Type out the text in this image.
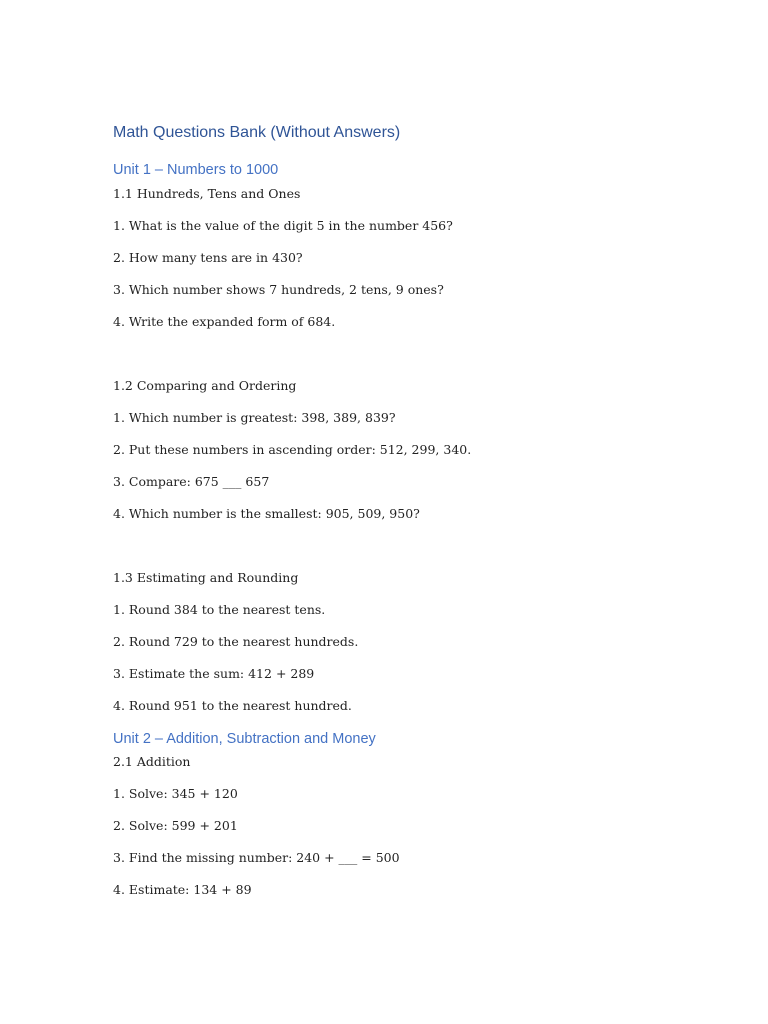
Math Questions Bank (Without Answers)
Unit 1 – Numbers to 1000

1.1 Hundreds, Tens and Ones

1. What is the value of the digit 5 in the number 456?

2. How many tens are in 430?

3. Which number shows 7 hundreds, 2 tens, 9 ones?

4. Write the expanded form of 684.

1.2 Comparing and Ordering

1. Which number is greatest: 398, 389, 839?

2. Put these numbers in ascending order: 512, 299, 340.

3. Compare: 675 ___ 657

4. Which number is the smallest: 905, 509, 950?

1.3 Estimating and Rounding

1. Round 384 to the nearest tens.

2. Round 729 to the nearest hundreds.

3. Estimate the sum: 412 + 289

4. Round 951 to the nearest hundred.

Unit 2 – Addition, Subtraction and Money

2.1 Addition

1. Solve: 345 + 120

2. Solve: 599 + 201

3. Find the missing number: 240 + ___ = 500

4. Estimate: 134 + 89
